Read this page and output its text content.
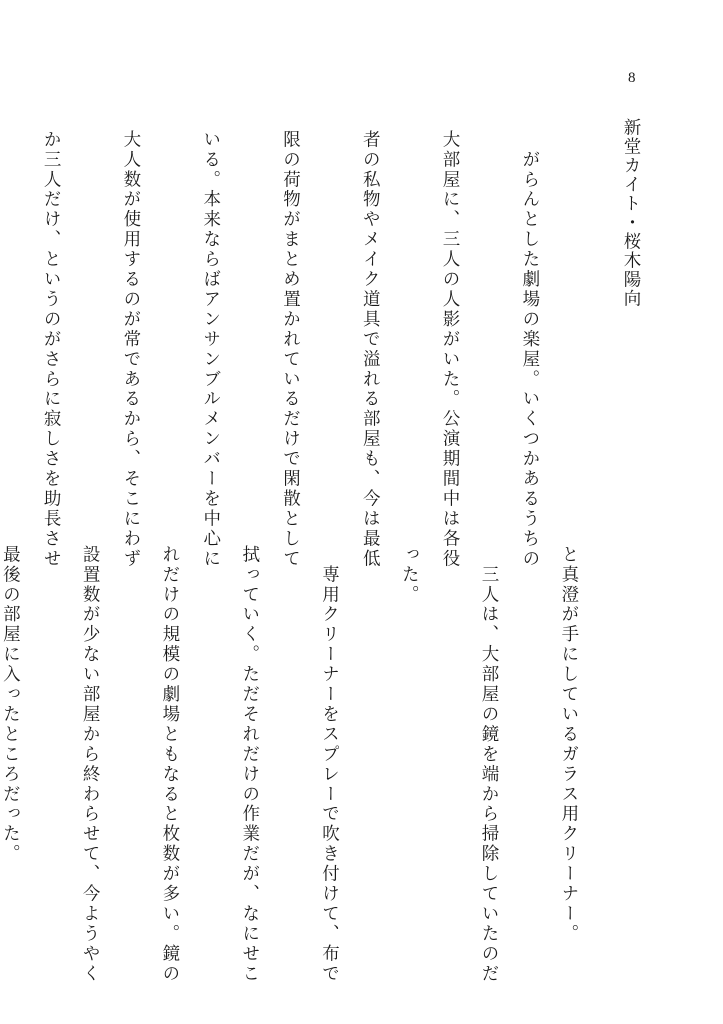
8
新堂カイト・桜木陽向

　がらんとした劇場の楽屋。いくつかあるうちの

大部屋に、三人の人影がいた。公演期間中は各役

者の私物やメイク道具で溢れる部屋も、今は最低

限の荷物がまとめ置かれているだけで閑散として

いる。本来ならばアンサンブルメンバーを中心に

大人数が使用するのが常であるから、そこにわず

か三人だけ、というのがさらに寂しさを助長させ

と真澄が手にしているガラス用クリーナー。

　三人は、大部屋の鏡を端から掃除していたのだ

った。

　専用クリーナーをスプレーで吹き付けて、布で

拭っていく。ただそれだけの作業だが、なにせこ

れだけの規模の劇場ともなると枚数が多い。鏡の

設置数が少ない部屋から終わらせて、今ようやく

最後の部屋に入ったところだった。
